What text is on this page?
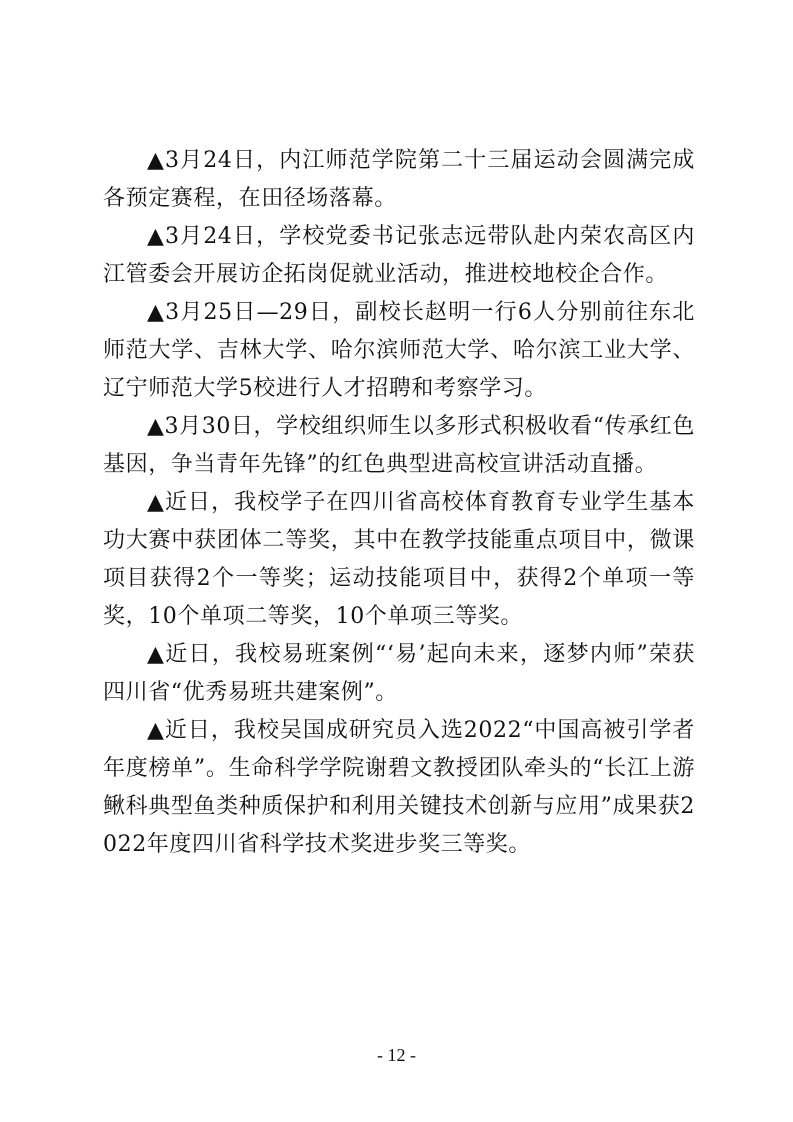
▲3月24日，内江师范学院第二十三届运动会圆满完成各预定赛程，在田径场落幕。

▲3月24日，学校党委书记张志远带队赴内荣农高区内江管委会开展访企拓岗促就业活动，推进校地校企合作。

▲3月25日—29日，副校长赵明一行6人分别前往东北师范大学、吉林大学、哈尔滨师范大学、哈尔滨工业大学、辽宁师范大学5校进行人才招聘和考察学习。

▲3月30日，学校组织师生以多形式积极收看“传承红色基因，争当青年先锋”的红色典型进高校宣讲活动直播。

▲近日，我校学子在四川省高校体育教育专业学生基本功大赛中获团体二等奖，其中在教学技能重点项目中，微课项目获得2个一等奖；运动技能项目中，获得2个单项一等奖，10个单项二等奖，10个单项三等奖。

▲近日，我校易班案例“‘易’起向未来，逐梦内师”荣获四川省“优秀易班共建案例”。

▲近日，我校吴国成研究员入选2022“中国高被引学者年度榜单”。生命科学学院谢碧文教授团队牵头的“长江上游鳅科典型鱼类种质保护和利用关键技术创新与应用”成果获2022年度四川省科学技术奖进步奖三等奖。

- 12 -
